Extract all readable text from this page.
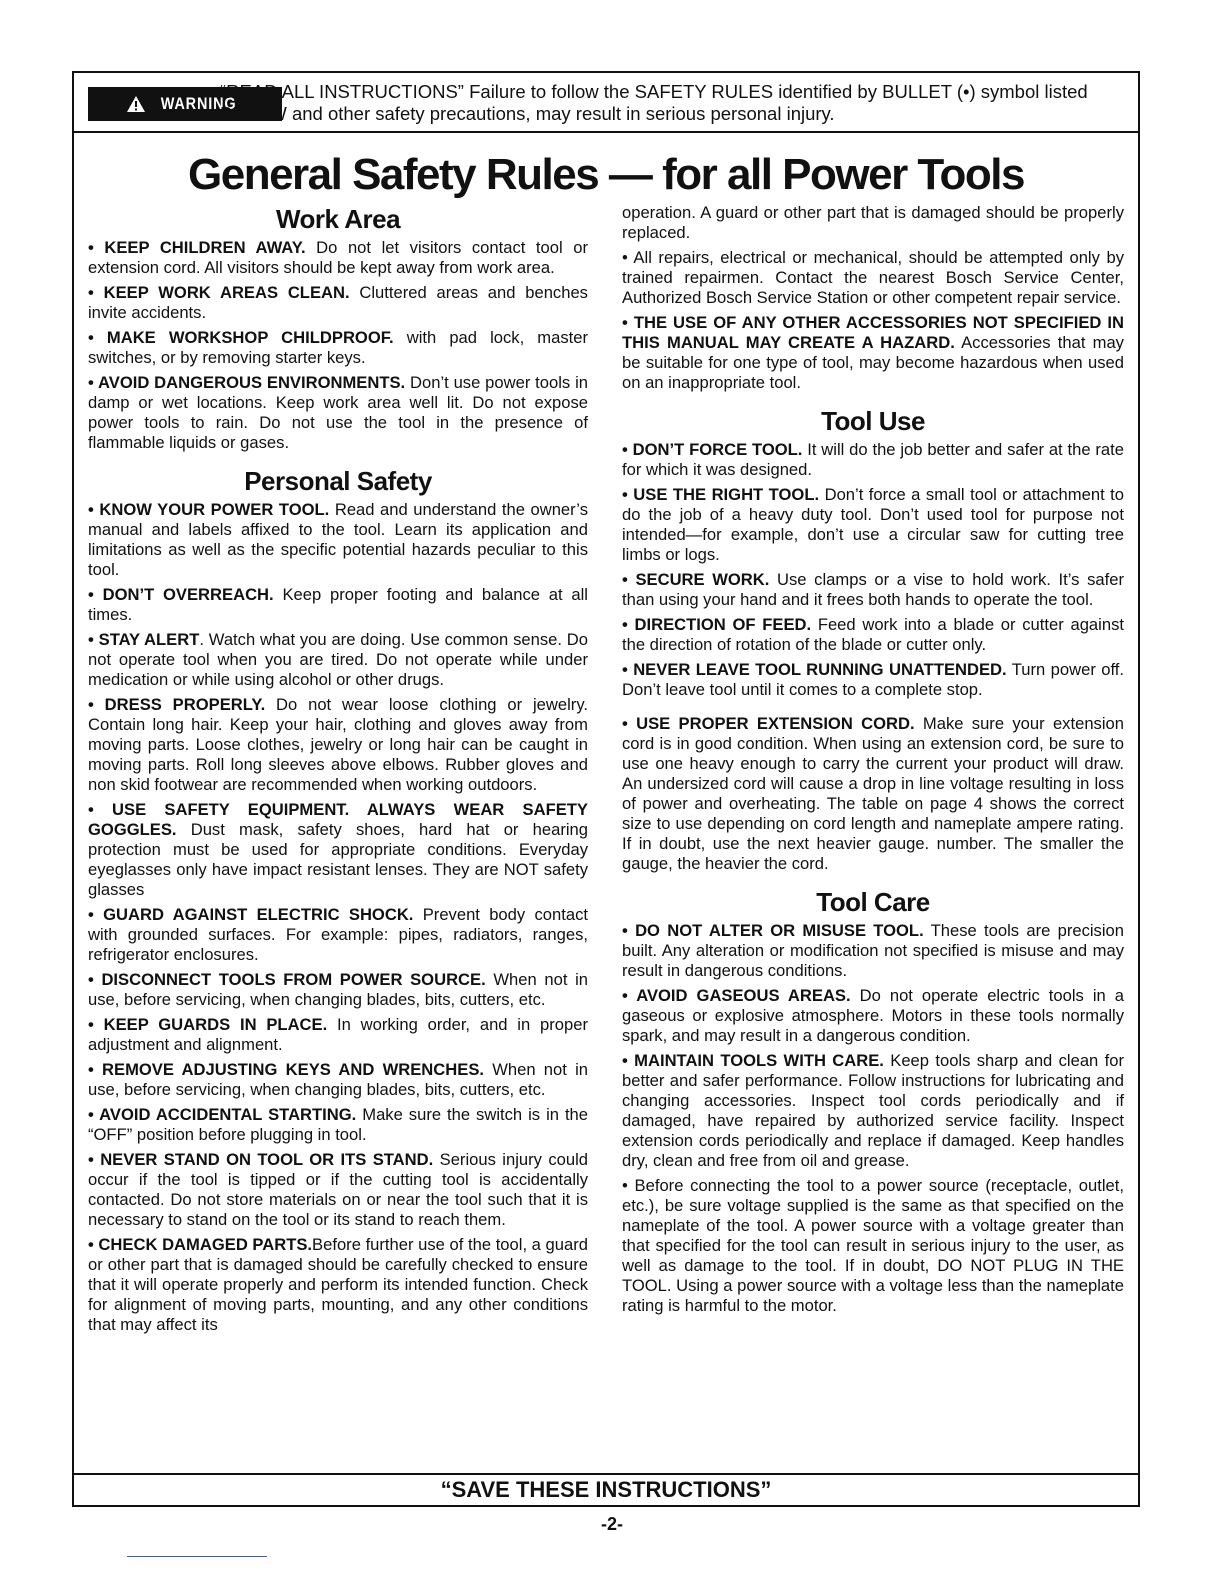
WARNING
“READ ALL INSTRUCTIONS” Failure to follow the SAFETY RULES identified by BULLET (•) symbol listed BELOW and other safety precautions, may result in serious personal injury.
General Safety Rules — for all Power Tools
Work Area

• KEEP CHILDREN AWAY. Do not let visitors contact tool or extension cord. All visitors should be kept away from work area.

• KEEP WORK AREAS CLEAN. Cluttered areas and benches invite accidents.

• MAKE WORKSHOP CHILDPROOF. with pad lock, master switches, or by removing starter keys.

• AVOID DANGEROUS ENVIRONMENTS. Don’t use power tools in damp or wet locations. Keep work area well lit. Do not expose power tools to rain. Do not use the tool in the presence of flammable liquids or gases.

Personal Safety

• KNOW YOUR POWER TOOL. Read and understand the owner’s manual and labels affixed to the tool. Learn its application and limitations as well as the specific potential hazards peculiar to this tool.

• DON’T OVERREACH. Keep proper footing and balance at all times.

• STAY ALERT. Watch what you are doing. Use common sense. Do not operate tool when you are tired. Do not operate while under medication or while using alcohol or other drugs.

• DRESS PROPERLY. Do not wear loose clothing or jewelry. Contain long hair. Keep your hair, clothing and gloves away from moving parts. Loose clothes, jewelry or long hair can be caught in moving parts. Roll long sleeves above elbows. Rubber gloves and non skid footwear are recommended when working outdoors.

• USE SAFETY EQUIPMENT. ALWAYS WEAR SAFETY GOGGLES. Dust mask, safety shoes, hard hat or hearing protection must be used for appropriate conditions. Everyday eyeglasses only have impact resistant lenses. They are NOT safety glasses

• GUARD AGAINST ELECTRIC SHOCK. Prevent body contact with grounded surfaces. For example: pipes, radiators, ranges, refrigerator enclosures.

• DISCONNECT TOOLS FROM POWER SOURCE. When not in use, before servicing, when changing blades, bits, cutters, etc.

• KEEP GUARDS IN PLACE. In working order, and in proper adjustment and alignment.

• REMOVE ADJUSTING KEYS AND WRENCHES. When not in use, before servicing, when changing blades, bits, cutters, etc.

• AVOID ACCIDENTAL STARTING. Make sure the switch is in the “OFF” position before plugging in tool.

• NEVER STAND ON TOOL OR ITS STAND. Serious injury could occur if the tool is tipped or if the cutting tool is accidentally contacted. Do not store materials on or near the tool such that it is necessary to stand on the tool or its stand to reach them.

• CHECK DAMAGED PARTS.Before further use of the tool, a guard or other part that is damaged should be carefully checked to ensure that it will operate properly and perform its intended function. Check for alignment of moving parts, mounting, and any other conditions that may affect its

operation. A guard or other part that is damaged should be properly replaced.

• All repairs, electrical or mechanical, should be attempted only by trained repairmen. Contact the nearest Bosch Service Center, Authorized Bosch Service Station or other competent repair service.

• THE USE OF ANY OTHER ACCESSORIES NOT SPECIFIED IN THIS MANUAL MAY CREATE A HAZARD. Accessories that may be suitable for one type of tool, may become hazardous when used on an inappropriate tool.

Tool Use

• DON’T FORCE TOOL. It will do the job better and safer at the rate for which it was designed.

• USE THE RIGHT TOOL. Don’t force a small tool or attachment to do the job of a heavy duty tool. Don’t used tool for purpose not intended—for example, don’t use a circular saw for cutting tree limbs or logs.

• SECURE WORK. Use clamps or a vise to hold work. It’s safer than using your hand and it frees both hands to operate the tool.

• DIRECTION OF FEED. Feed work into a blade or cutter against the direction of rotation of the blade or cutter only.

• NEVER LEAVE TOOL RUNNING UNATTENDED. Turn power off. Don’t leave tool until it comes to a complete stop.

• USE PROPER EXTENSION CORD. Make sure your extension cord is in good condition. When using an extension cord, be sure to use one heavy enough to carry the current your product will draw. An undersized cord will cause a drop in line voltage resulting in loss of power and overheating. The table on page 4 shows the correct size to use depending on cord length and nameplate ampere rating. If in doubt, use the next heavier gauge. number. The smaller the gauge, the heavier the cord.

Tool Care

• DO NOT ALTER OR MISUSE TOOL. These tools are precision built. Any alteration or modification not specified is misuse and may result in dangerous conditions.

• AVOID GASEOUS AREAS. Do not operate electric tools in a gaseous or explosive atmosphere. Motors in these tools normally spark, and may result in a dangerous condition.

• MAINTAIN TOOLS WITH CARE. Keep tools sharp and clean for better and safer performance. Follow instructions for lubricating and changing accessories. Inspect tool cords periodically and if damaged, have repaired by authorized service facility. Inspect extension cords periodically and replace if damaged. Keep handles dry, clean and free from oil and grease.

• Before connecting the tool to a power source (receptacle, outlet, etc.), be sure voltage supplied is the same as that specified on the nameplate of the tool. A power source with a voltage greater than that specified for the tool can result in serious injury to the user, as well as damage to the tool. If in doubt, DO NOT PLUG IN THE TOOL. Using a power source with a voltage less than the nameplate rating is harmful to the motor.

“SAVE THESE INSTRUCTIONS”
-2-
